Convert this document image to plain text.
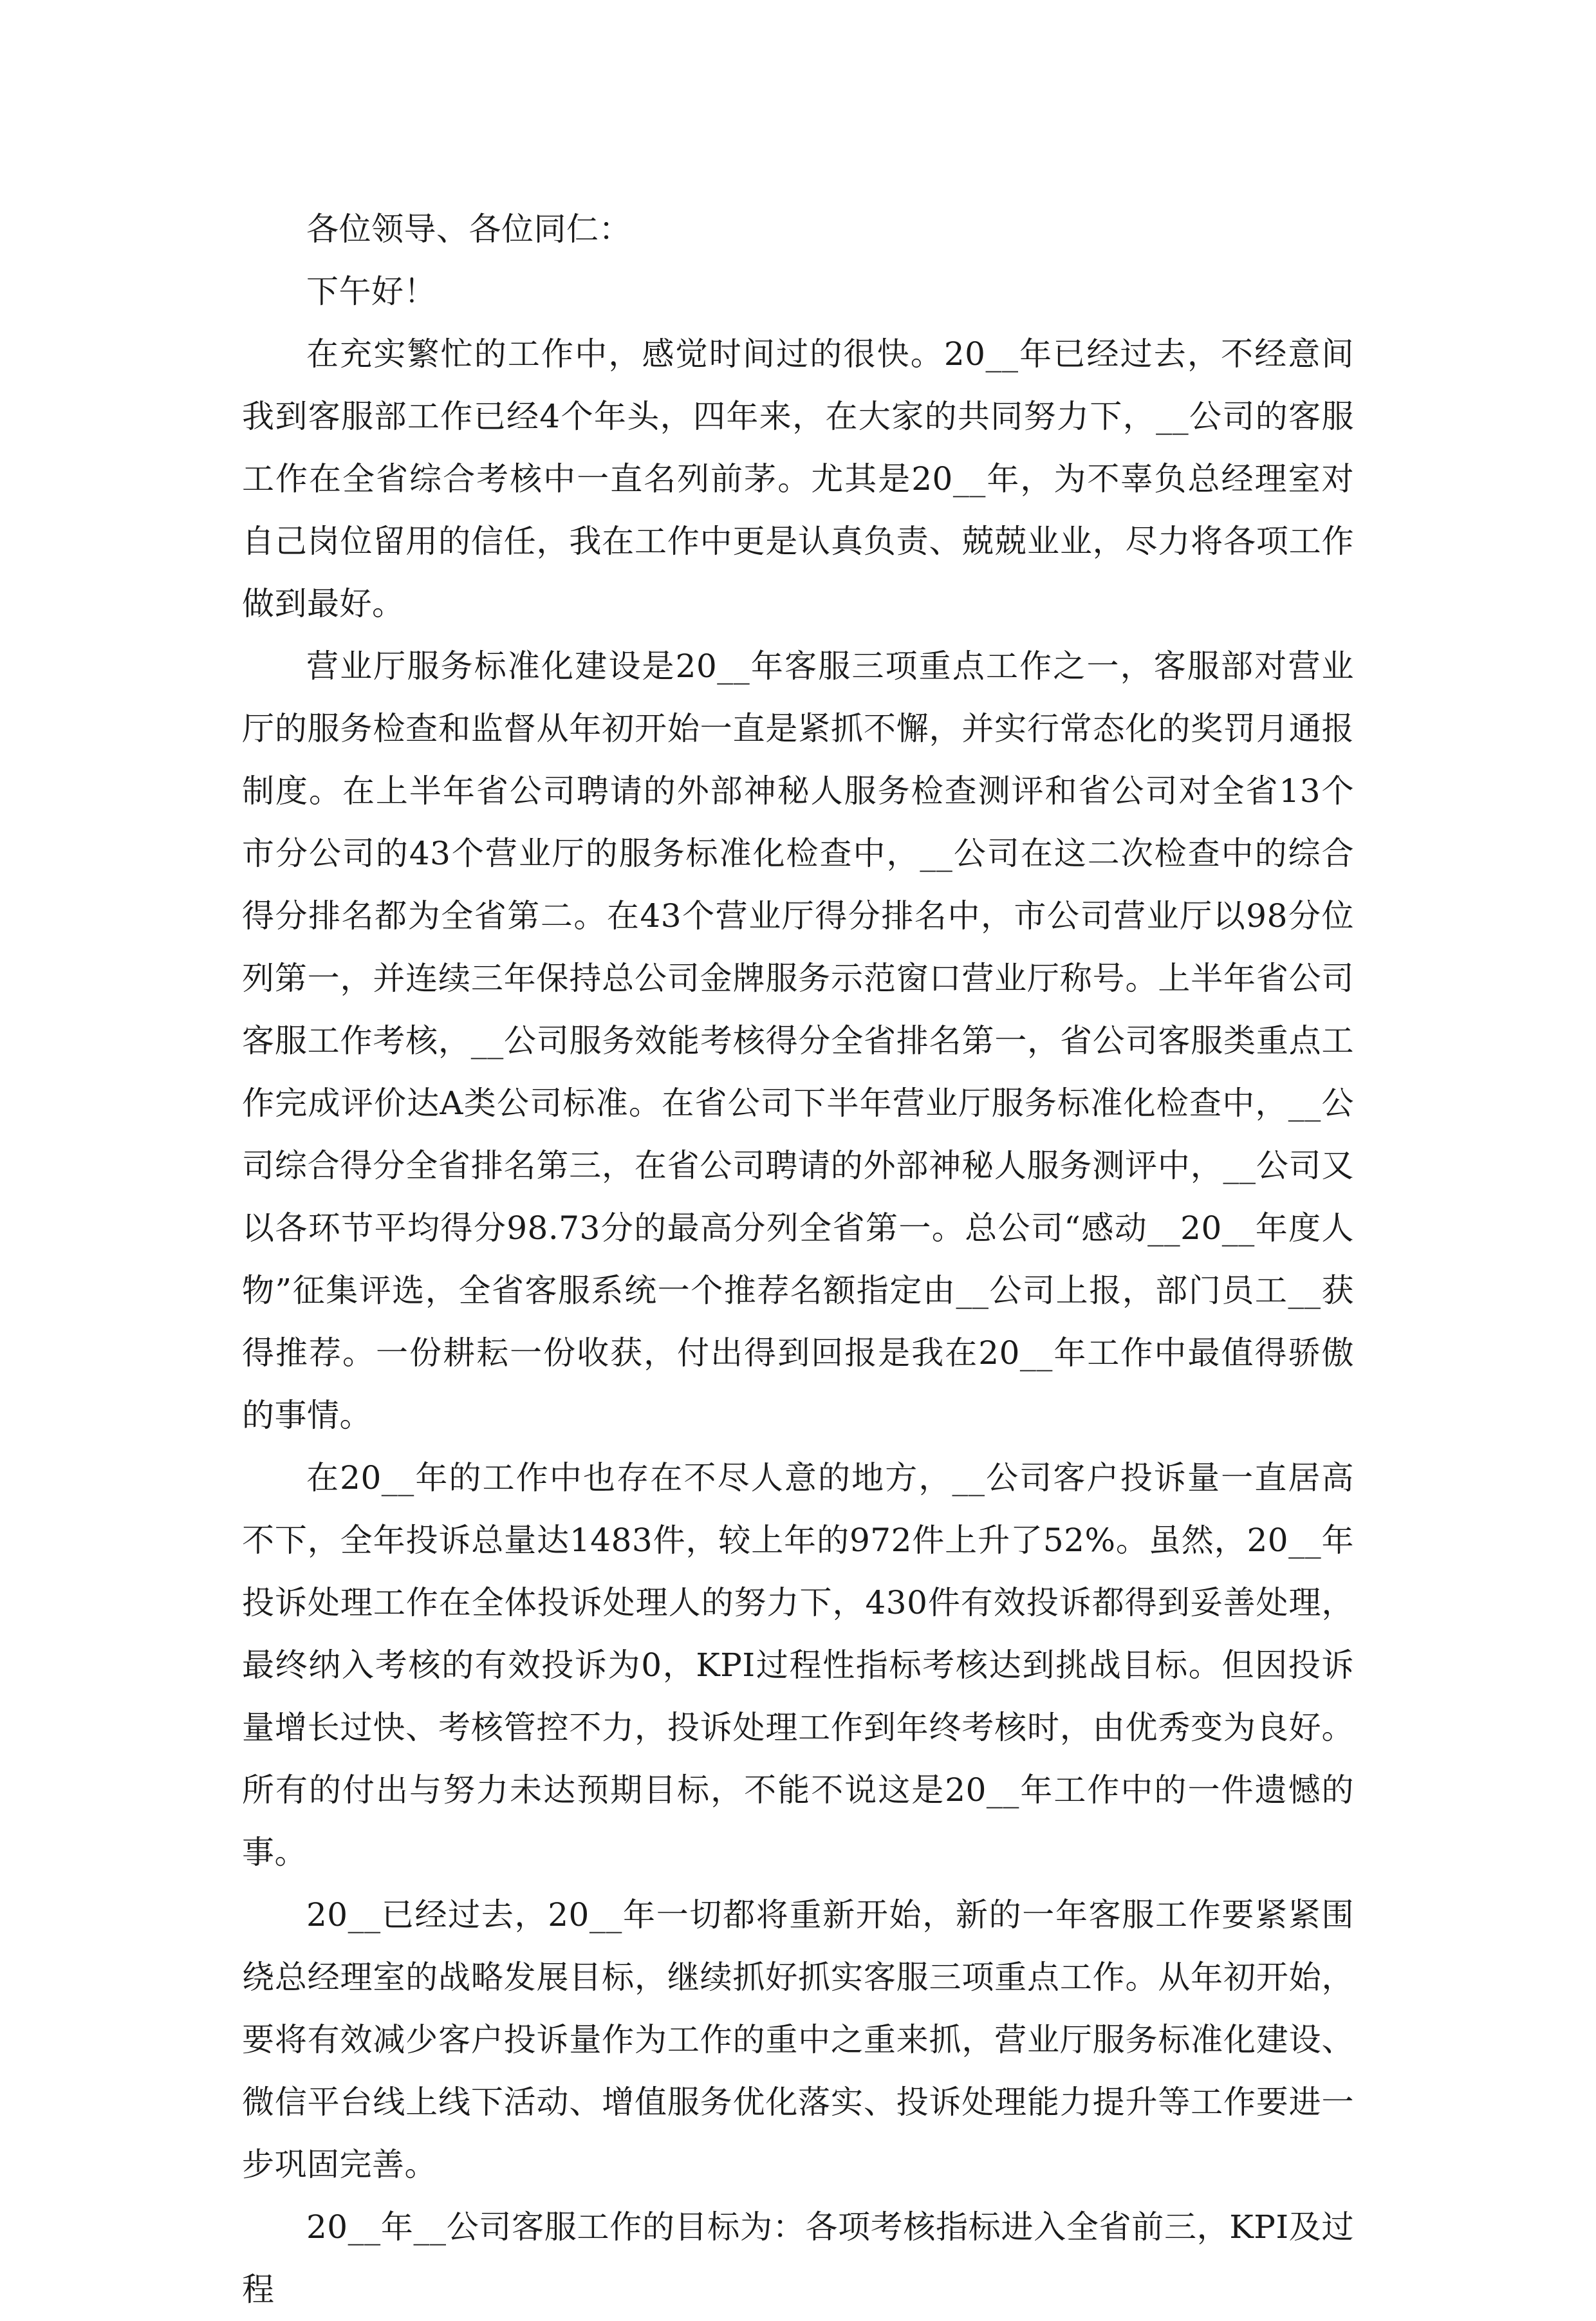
各位领导、各位同仁：

下午好！

在充实繁忙的工作中，感觉时间过的很快。20__年已经过去，不经意间我到客服部工作已经4个年头，四年来，在大家的共同努力下，__公司的客服工作在全省综合考核中一直名列前茅。尤其是20__年，为不辜负总经理室对自己岗位留用的信任，我在工作中更是认真负责、兢兢业业，尽力将各项工作做到最好。

营业厅服务标准化建设是20__年客服三项重点工作之一，客服部对营业厅的服务检查和监督从年初开始一直是紧抓不懈，并实行常态化的奖罚月通报制度。在上半年省公司聘请的外部神秘人服务检查测评和省公司对全省13个市分公司的43个营业厅的服务标准化检查中，__公司在这二次检查中的综合得分排名都为全省第二。在43个营业厅得分排名中，市公司营业厅以98分位列第一，并连续三年保持总公司金牌服务示范窗口营业厅称号。上半年省公司客服工作考核，__公司服务效能考核得分全省排名第一，省公司客服类重点工作完成评价达A类公司标准。在省公司下半年营业厅服务标准化检查中，__公司综合得分全省排名第三，在省公司聘请的外部神秘人服务测评中，__公司又以各环节平均得分98.73分的最高分列全省第一。总公司“感动__20__年度人物”征集评选，全省客服系统一个推荐名额指定由__公司上报，部门员工__获得推荐。一份耕耘一份收获，付出得到回报是我在20__年工作中最值得骄傲的事情。

在20__年的工作中也存在不尽人意的地方，__公司客户投诉量一直居高不下，全年投诉总量达1483件，较上年的972件上升了52%。虽然，20__年投诉处理工作在全体投诉处理人的努力下，430件有效投诉都得到妥善处理，最终纳入考核的有效投诉为0，KPI过程性指标考核达到挑战目标。但因投诉量增长过快、考核管控不力，投诉处理工作到年终考核时，由优秀变为良好。所有的付出与努力未达预期目标，不能不说这是20__年工作中的一件遗憾的事。

20__已经过去，20__年一切都将重新开始，新的一年客服工作要紧紧围绕总经理室的战略发展目标，继续抓好抓实客服三项重点工作。从年初开始，要将有效减少客户投诉量作为工作的重中之重来抓，营业厅服务标准化建设、微信平台线上线下活动、增值服务优化落实、投诉处理能力提升等工作要进一步巩固完善。

20__年__公司客服工作的目标为：各项考核指标进入全省前三，KPI及过程
